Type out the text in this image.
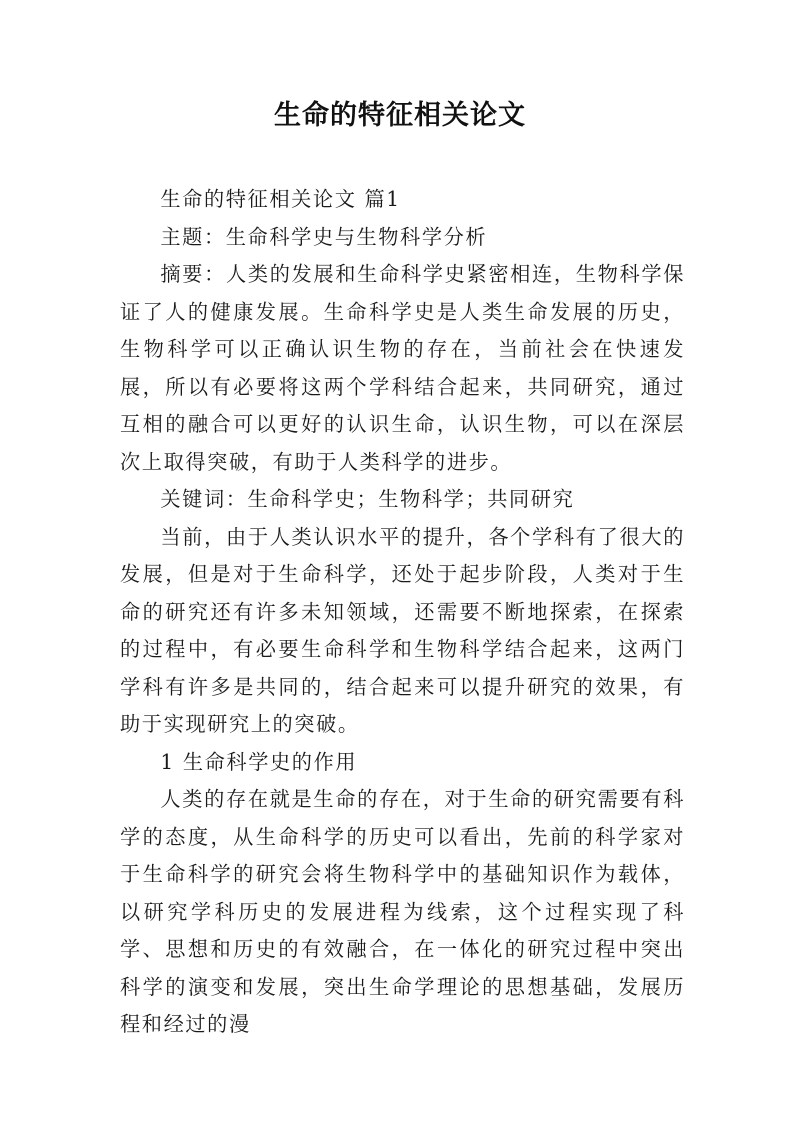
生命的特征相关论文

生命的特征相关论文 篇1

主题：生命科学史与生物科学分析

摘要：人类的发展和生命科学史紧密相连，生物科学保证了人的健康发展。生命科学史是人类生命发展的历史，生物科学可以正确认识生物的存在，当前社会在快速发展，所以有必要将这两个学科结合起来，共同研究，通过互相的融合可以更好的认识生命，认识生物，可以在深层次上取得突破，有助于人类科学的进步。

关键词：生命科学史；生物科学；共同研究

当前，由于人类认识水平的提升，各个学科有了很大的发展，但是对于生命科学，还处于起步阶段，人类对于生命的研究还有许多未知领域，还需要不断地探索，在探索的过程中，有必要生命科学和生物科学结合起来，这两门学科有许多是共同的，结合起来可以提升研究的效果，有助于实现研究上的突破。

1 生命科学史的作用

人类的存在就是生命的存在，对于生命的研究需要有科学的态度，从生命科学的历史可以看出，先前的科学家对于生命科学的研究会将生物科学中的基础知识作为载体，以研究学科历史的发展进程为线索，这个过程实现了科学、思想和历史的有效融合，在一体化的研究过程中突出科学的演变和发展，突出生命学理论的思想基础，发展历程和经过的漫
